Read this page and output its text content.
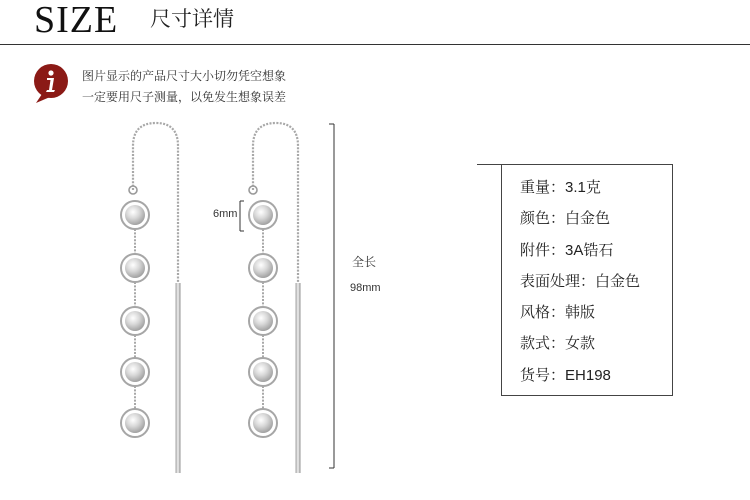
SIZE 尺寸详情
图片显示的产品尺寸大小切勿凭空想象
一定要用尺子测量，以免发生想象误差
6mm
全长
98mm
重量：3.1克
颜色：白金色
附件：3A锆石
表面处理：白金色
风格：韩版
款式：女款
货号：EH198
